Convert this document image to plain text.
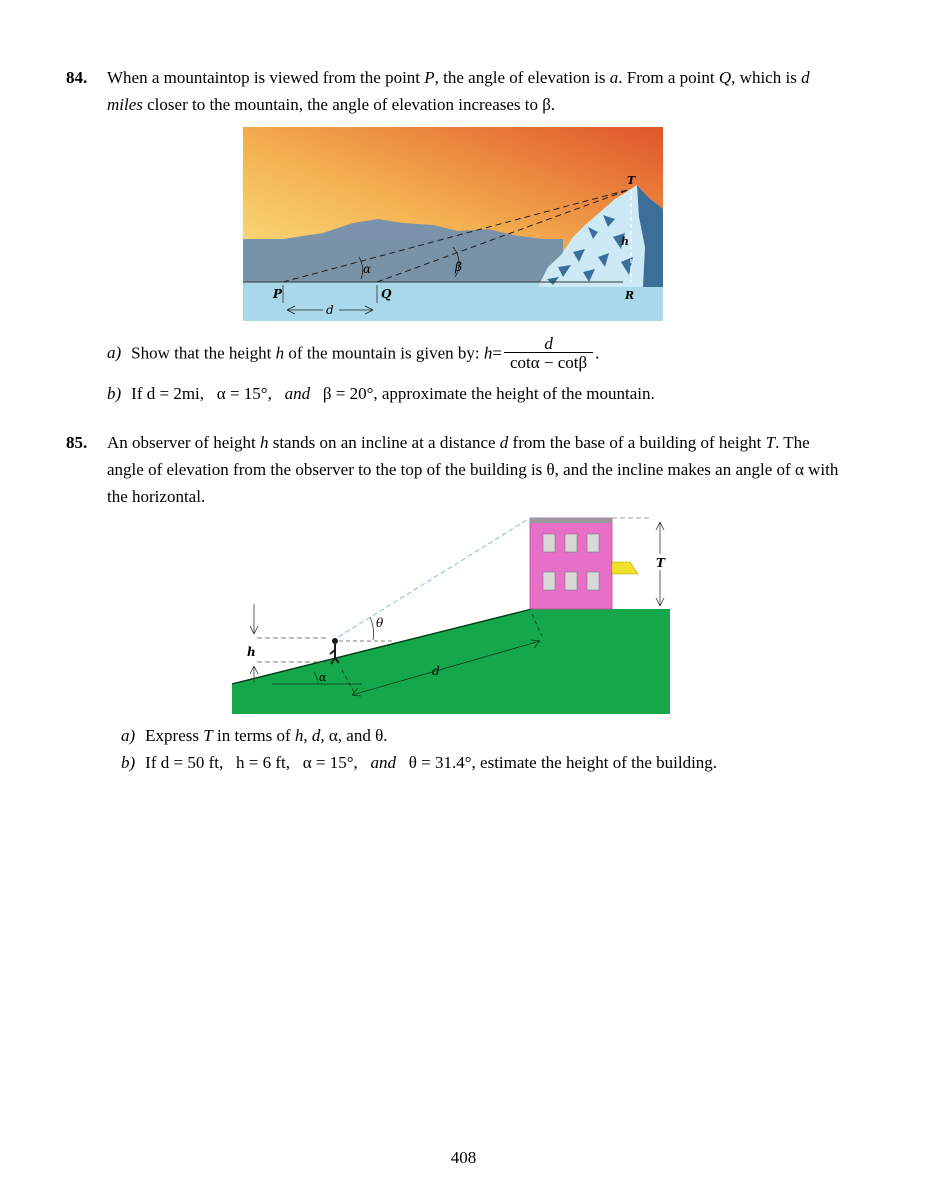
84. When a mountaintop is viewed from the point P, the angle of elevation is a. From a point Q, which is d miles closer to the mountain, the angle of elevation increases to β.
α	β
T
h
R
P	Q
d
a) Show that the height h of the mountain is given by: $h= \frac{d}{\cot\alpha - \cot\beta}$ .
b) If d = 2mi, α = 15°, and β = 20°, approximate the height of the mountain.
85. An observer of height h stands on an incline at a distance d from the base of a building of height T. The angle of elevation from the observer to the top of the building is θ, and the incline makes an angle of α with the horizontal.
T
θ
h
α	d
a) Express T in terms of h, d, α, and θ.
b) If d = 50 ft, h = 6 ft, α = 15°, and θ = 31.4°, estimate the height of the building.
408
